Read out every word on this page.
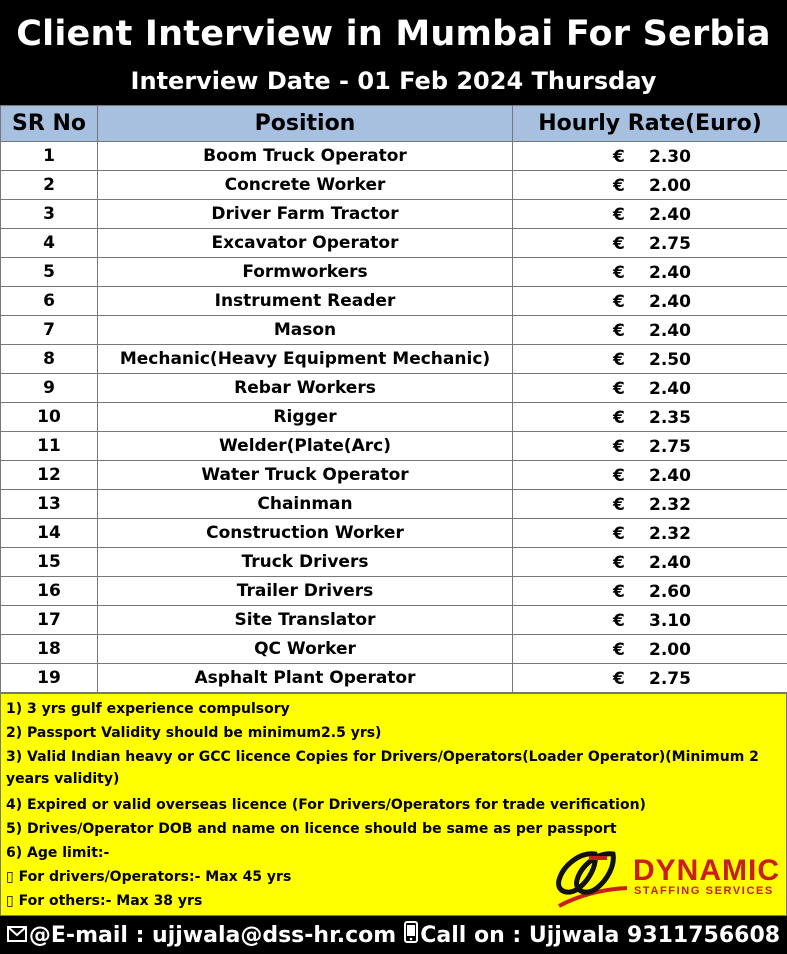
Client Interview in Mumbai For Serbia
Interview Date - 01 Feb 2024 Thursday
SR No	Position	Hourly Rate(Euro)
1	Boom Truck Operator	€ 2.30

2	Concrete Worker	€ 2.00

3	Driver Farm Tractor	€ 2.40

4	Excavator Operator	€ 2.75

5	Formworkers	€ 2.40

6	Instrument Reader	€ 2.40

7	Mason	€ 2.40

8	Mechanic(Heavy Equipment Mechanic)	€ 2.50

9	Rebar Workers	€ 2.40

10	Rigger	€ 2.35

11	Welder(Plate(Arc)	€ 2.75

12	Water Truck Operator	€ 2.40

13	Chainman	€ 2.32

14	Construction Worker	€ 2.32

15	Truck Drivers	€ 2.40

16	Trailer Drivers	€ 2.60

17	Site Translator	€ 3.10

18	QC Worker	€ 2.00

19	Asphalt Plant Operator	€ 2.75
1) 3 yrs gulf experience compulsory
2) Passport Validity should be minimum2.5 yrs)
3) Valid Indian heavy or GCC licence Copies for Drivers/Operators(Loader Operator)(Minimum 2 years validity)
4) Expired or valid overseas licence (For Drivers/Operators for trade verification)
5) Drives/Operator DOB and name on licence should be same as per passport
6) Age limit:-
▯ For drivers/Operators:- Max 45 yrs
▯ For others:- Max 38 yrs
DYNAMIC
STAFFING SERVICES
@E-mail : ujjwala@dss-hr.com Call on : Ujjwala 9311756608
